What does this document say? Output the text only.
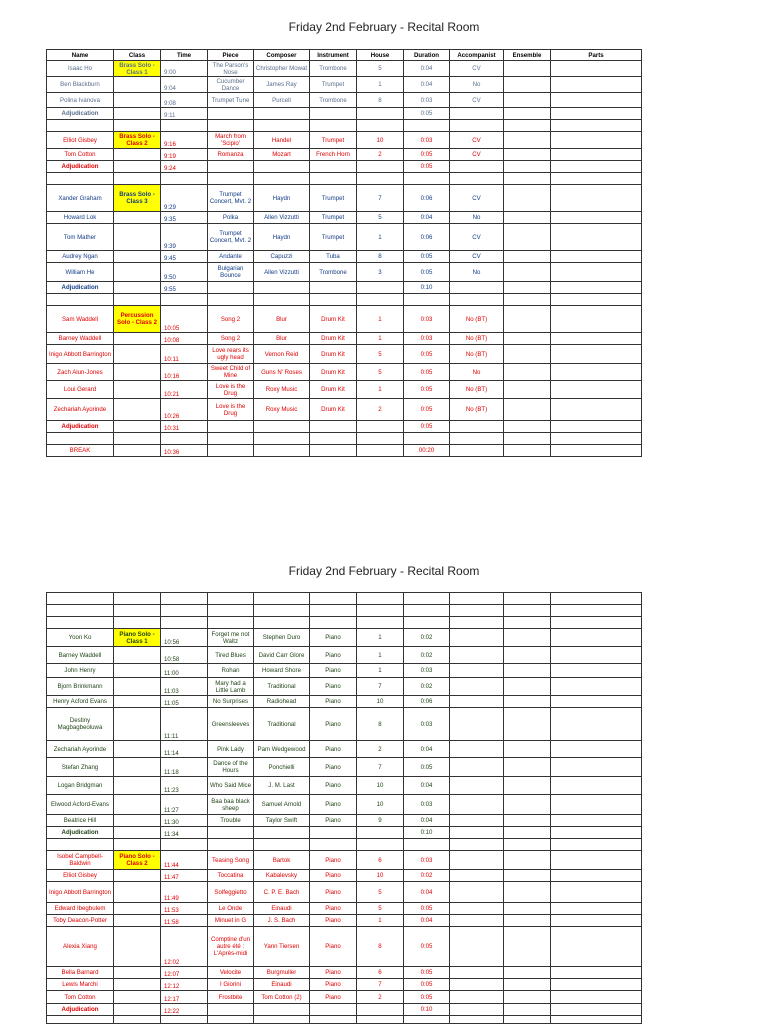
Friday 2nd February - Recital Room
Name	Class	Time	Piece	Composer	Instrument	House	Duration	Accompanist	Ensemble	Parts
Isaac Ho	Brass Solo - Class 1	9:00	The Parson's Nose	Christopher Mowat	Trombone	5	0:04	CV		
Ben Blackburn		9:04	Cucumber Dance	James Ray	Trumpet	1	0:04	No		
Polina Ivanova		9:08	Trumpet Tune	Purcell	Trombone	8	0:03	CV		
Adjudication		9:11					0:05			

Elliot Gisbey	Brass Solo - Class 2	9:16	March from 'Scipio'	Handel	Trumpet	10	0:03	CV		
Tom Cotton		9:19	Romanza	Mozart	French Horn	2	0:05	CV		
Adjudication		9:24					0:05			

Xander Graham	Brass Solo - Class 3	9:29	Trumpet Concert, Mvt. 2	Haydn	Trumpet	7	0:06	CV		
Howard Lok		9:35	Polka	Allen Vizzutti	Trumpet	5	0:04	No		
Tom Mather		9:39	Trumpet Concert, Mvt. 2	Haydn	Trumpet	1	0:06	CV		
Audrey Ngan		9:45	Andante	Capuzzi	Tuba	8	0:05	CV		
William He		9:50	Bulgarian Bounce	Allen Vizzutti	Trombone	3	0:05	No		
Adjudication		9:55					0:10			

Sam Waddell	Percussion Solo - Class 2	10:05	Song 2	Blur	Drum Kit	1	0:03	No (BT)		
Barney Waddell		10:08	Song 2	Blur	Drum Kit	1	0:03	No (BT)		
Inigo Abbott Barrington		10:11	Love rears its ugly head	Vernon Reid	Drum Kit	5	0:05	No (BT)		
Zach Alun-Jones		10:16	Sweet Child of Mine	Guns N' Roses	Drum Kit	5	0:05	No		
Loui Gerard		10:21	Love is the Drug	Roxy Music	Drum Kit	1	0:05	No (BT)		
Zechariah Ayorinde		10:26	Love is the Drug	Roxy Music	Drum Kit	2	0:05	No (BT)		
Adjudication		10:31					0:05			

BREAK		10:36					00:20			
Friday 2nd February - Recital Room

Yoon Ko	Piano Solo - Class 1	10:56	Forget me not Waltz	Stephen Duro	Piano	1	0:02			
Barney Waddell		10:58	Tired Blues	David Carr Glore	Piano	1	0:02			
John Henry		11:00	Rohan	Howard Shore	Piano	1	0:03			
Bjorn Brinkmann		11:03	Mary had a Little Lamb	Traditional	Piano	7	0:02			
Henry Acford Evans		11:05	No Surprises	Radiohead	Piano	10	0:06			
Destiny Magbagbeoluwa		11:11	Greensleeves	Traditional	Piano	8	0:03			
Zechariah Ayorinde		11:14	Pink Lady	Pam Wedgewood	Piano	2	0:04			
Stefan Zhang		11:18	Dance of the Hours	Ponchielli	Piano	7	0:05			
Logan Bridgman		11:23	Who Said Mice	J. M. Last	Piano	10	0:04			
Elwood Acford-Evans		11:27	Baa baa black sheep	Samuel Arnold	Piano	10	0:03			
Beatrice Hill		11:30	Trouble	Taylor Swift	Piano	9	0:04			
Adjudication		11:34					0:10			

Isobel Campbell-Baldwin	Piano Solo - Class 2	11:44	Teasing Song	Bartok	Piano	6	0:03			
Elliot Gisbey		11:47	Toccatina	Kabalevsky	Piano	10	0:02			
Inigo Abbott Barrington		11:49	Solfeggietto	C. P. E. Bach	Piano	5	0:04			
Edward Ibegbulem		11:53	Le Onde	Einaudi	Piano	5	0:05			
Toby Deacon-Potter		11:58	Minuet in G	J. S. Bach	Piano	1	0:04			
Alexia Xiang		12:02	Comptine d'un autre été : L'Après-midi	Yann Tiersen	Piano	8	0:05			
Bella Barnard		12:07	Velocite	Burgmuller	Piano	6	0:05			
Lewis Marchi		12:12	I Giorini	Einaudi	Piano	7	0:05			
Tom Cotton		12:17	Frostbite	Tom Cotton (2)	Piano	2	0:05			
Adjudication		12:22					0:10			
